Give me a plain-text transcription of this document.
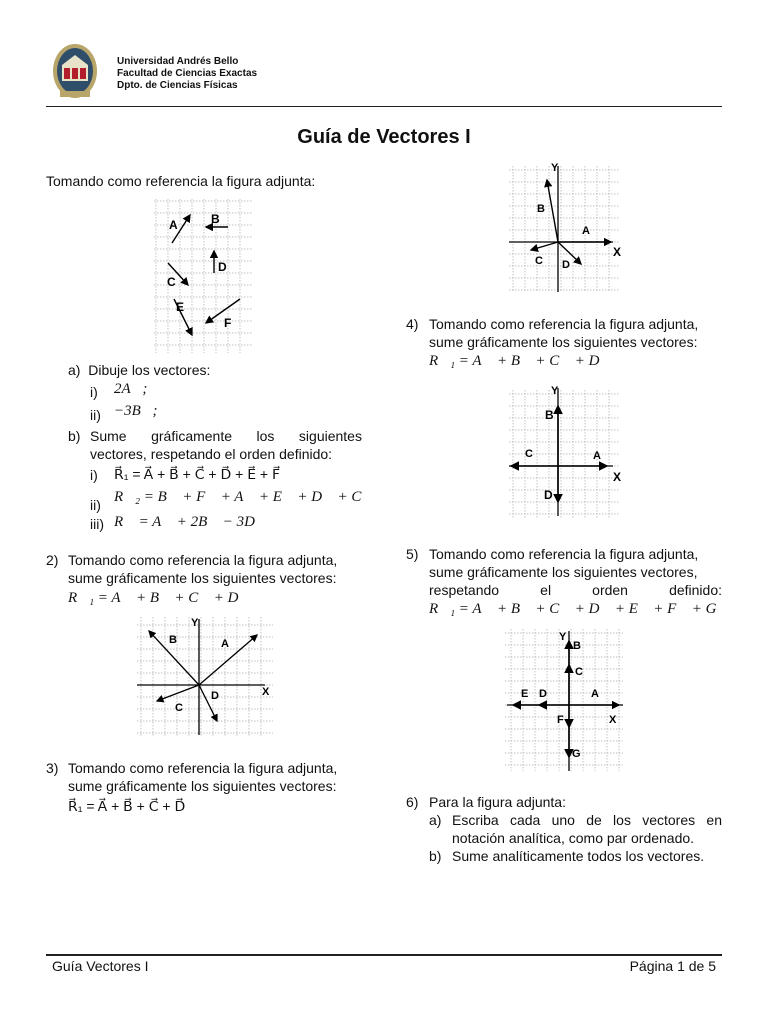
Universidad Andrés Bello
Facultad de Ciencias Exactas
Dpto. de Ciencias Físicas
Guía de Vectores I
Tomando como referencia la figura adjunta:
A	B
C
D
E
F
a) Dibuje los vectores:
i) 2A⃗;
ii) −3B⃗;
b) Sume gráficamente los siguientes
vectores, respetando el orden definido:
i) R⃗₁ = A⃗ + B⃗ + C⃗ + D⃗ + E⃗ + F⃗
ii) R⃗₂ = B⃗ + F⃗ + A⃗ + E⃗ + D⃗ + C⃗
iii) R⃗ = A⃗ + 2B⃗ − 3D⃗
2) Tomando como referencia la figura adjunta,
sume gráficamente los siguientes vectores:
R⃗₁ = A⃗ + B⃗ + C⃗ + D⃗
Y
X
A
B
C
D
3) Tomando como referencia la figura adjunta,
sume gráficamente los siguientes vectores:
R⃗₁ = A⃗ + B⃗ + C⃗ + D⃗
Y
X
A
B
C D
4) Tomando como referencia la figura adjunta,
sume gráficamente los siguientes vectores:
R⃗₁ = A⃗ + B⃗ + C⃗ + D⃗
Y
X
A
B
C
D
5) Tomando como referencia la figura adjunta,
sume gráficamente los siguientes vectores,
respetando	el	orden	definido:
R⃗₁ = A⃗ + B⃗ + C⃗ + D⃗ + E⃗ + F⃗ + G⃗
Y
B
C
E D	A
F	X
G
6) Para la figura adjunta:
a) Escriba cada uno de los vectores en
notación analítica, como par ordenado.
b) Sume analíticamente todos los vectores.
Guía Vectores I	Página 1 de 5
